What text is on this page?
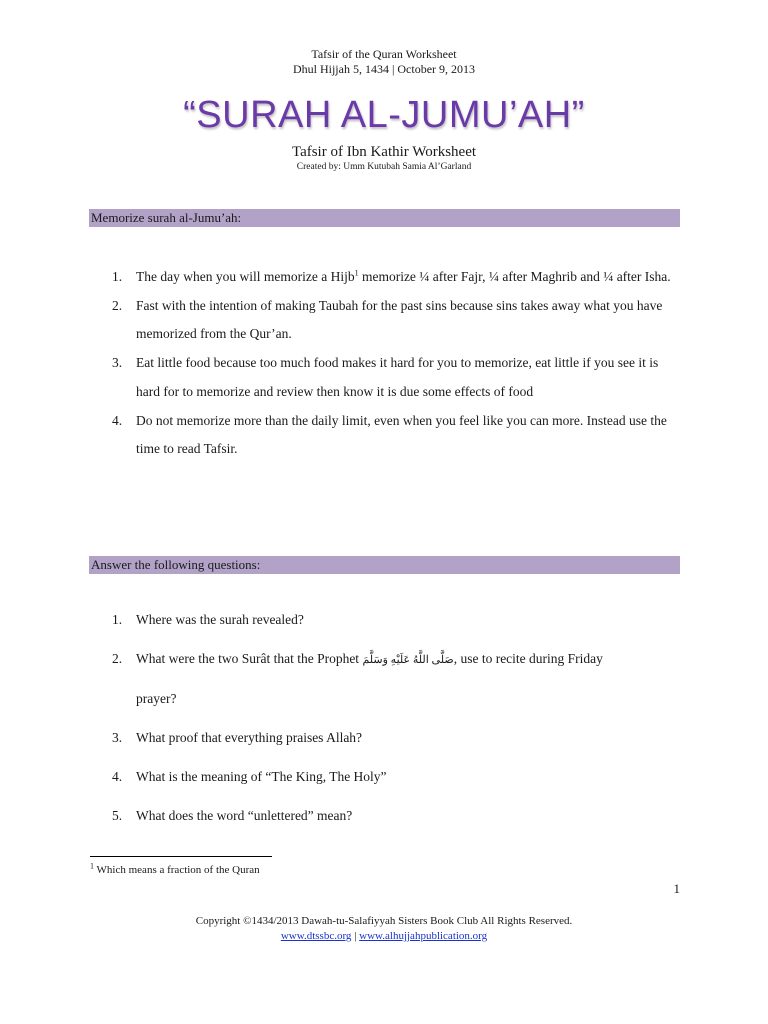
Tafsir of the Quran Worksheet
Dhul Hijjah 5, 1434 | October 9, 2013
“SURAH AL-JUMU’AH”
Tafsir of Ibn Kathir Worksheet
Created by: Umm Kutubah Samia Al’Garland
Memorize surah al-Jumu’ah:
1. The day when you will memorize a Hijb$^1$ memorize ¼ after Fajr, ¼ after Maghrib and ¼ after Isha.
2. Fast with the intention of making Taubah for the past sins because sins takes away what you have memorized from the Qur’an.
3. Eat little food because too much food makes it hard for you to memorize, eat little if you see it is hard for to memorize and review then know it is due some effects of food
4. Do not memorize more than the daily limit, even when you feel like you can more. Instead use the time to read Tafsir.
Answer the following questions:
1. Where was the surah revealed?
2. What were the two Surât that the Prophet صَلَّى اللَّهُ عَلَيْهِ وَسَلَّمَ, use to recite during Friday
prayer?
3. What proof that everything praises Allah?
4. What is the meaning of “The King, The Holy”
5. What does the word “unlettered” mean?
$^1$ Which means a fraction of the Quran
1
Copyright ©1434/2013 Dawah-tu-Salafiyyah Sisters Book Club All Rights Reserved.
www.dtssbc.org | www.alhujjahpublication.org
